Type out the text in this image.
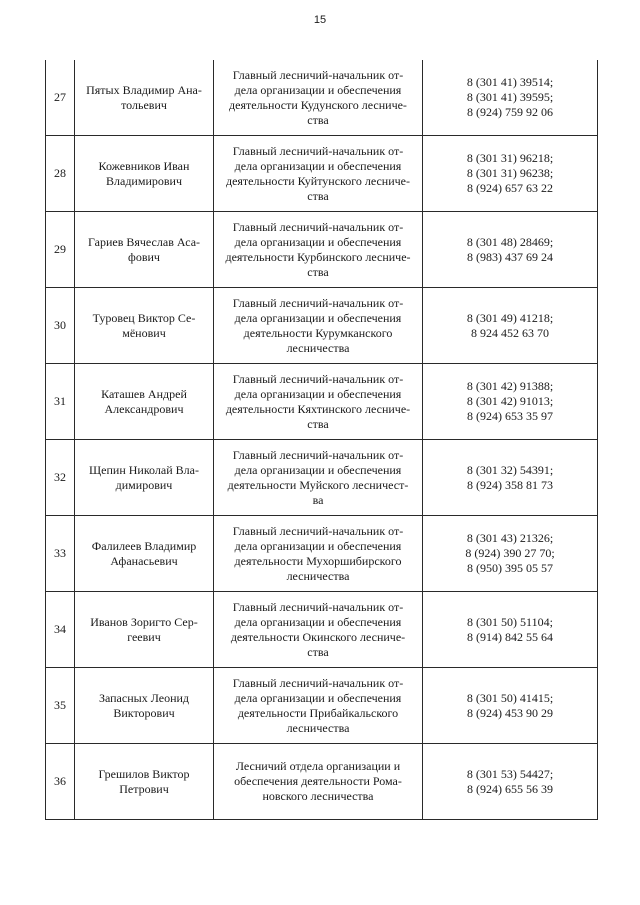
15
27	Пятых Владимир Ана-
тольевич	Главный лесничий-начальник от-
дела организации и обеспечения
деятельности Кудунского лесниче-
ства	8 (301 41) 39514;
8 (301 41) 39595;
8 (924) 759 92 06
28	Кожевников Иван
Владимирович	Главный лесничий-начальник от-
дела организации и обеспечения
деятельности Куйтунского лесниче-
ства	8 (301 31) 96218;
8 (301 31) 96238;
8 (924) 657 63 22
29	Гариев Вячеслав Аса-
фович	Главный лесничий-начальник от-
дела организации и обеспечения
деятельности Курбинского лесниче-
ства	8 (301 48) 28469;
8 (983) 437 69 24
30	Туровец Виктор Се-
мёнович	Главный лесничий-начальник от-
дела организации и обеспечения
деятельности Курумканского лесничества	8 (301 49) 41218;
8 924 452 63 70
31	Каташев Андрей
Александрович	Главный лесничий-начальник от-
дела организации и обеспечения
деятельности Кяхтинского лесниче-
ства	8 (301 42) 91388;
8 (301 42) 91013;
8 (924) 653 35 97
32	Щепин Николай Вла-
димирович	Главный лесничий-начальник от-
дела организации и обеспечения
деятельности Муйского лесничест-
ва	8 (301 32) 54391;
8 (924) 358 81 73
33	Фалилеев Владимир
Афанасьевич	Главный лесничий-начальник от-
дела организации и обеспечения
деятельности Мухоршибирского
лесничества	8 (301 43) 21326;
8 (924) 390 27 70;
8 (950) 395 05 57
34	Иванов Зоригто Сер-
геевич	Главный лесничий-начальник от-
дела организации и обеспечения
деятельности Окинского лесниче-
ства	8 (301 50) 51104;
8 (914) 842 55 64
35	Запасных Леонид
Викторович	Главный лесничий-начальник от-
дела организации и обеспечения
деятельности Прибайкальского
лесничества	8 (301 50) 41415;
8 (924) 453 90 29
36	Грешилов Виктор
Петрович	Лесничий отдела организации и
обеспечения деятельности Рома-
новского лесничества	8 (301 53) 54427;
8 (924) 655 56 39
